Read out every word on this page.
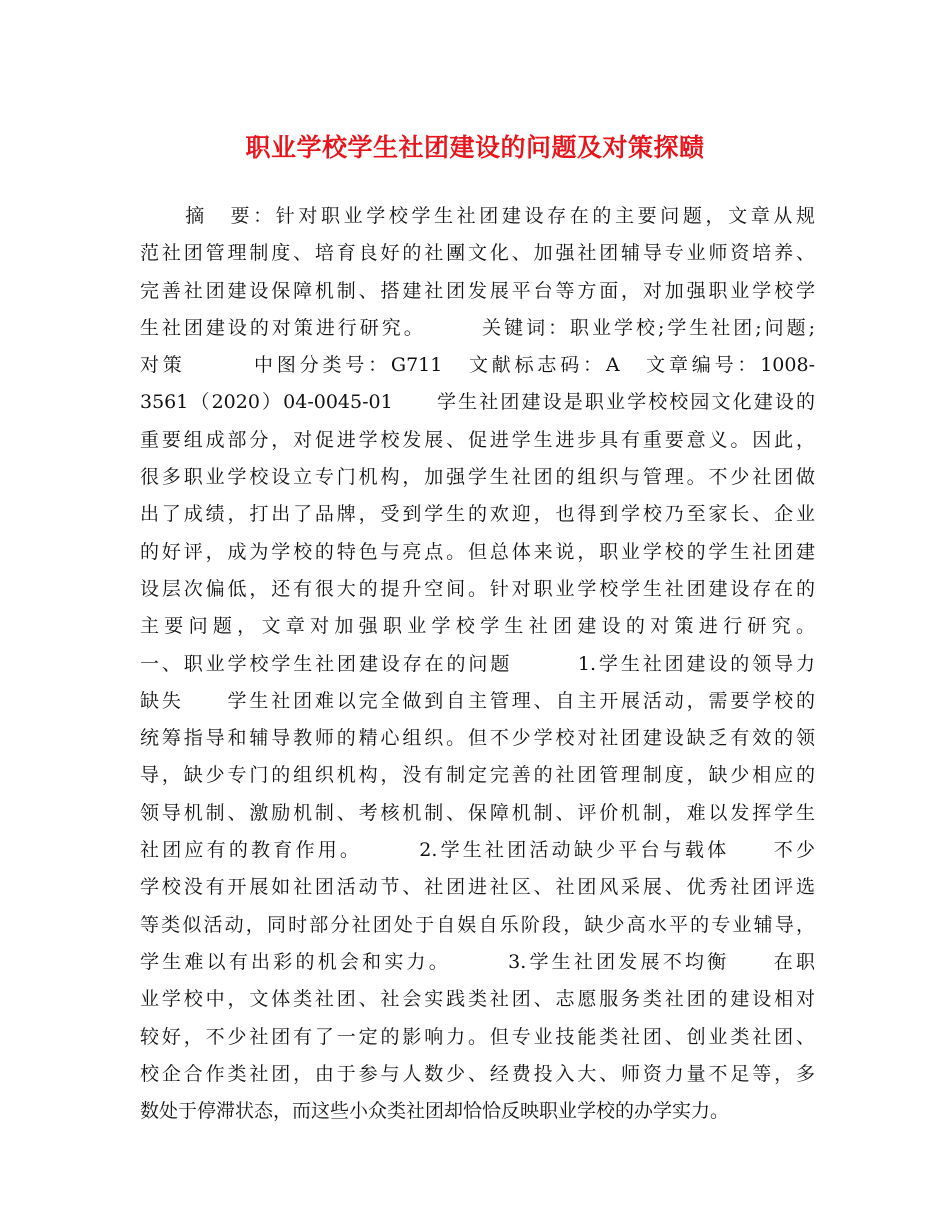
职业学校学生社团建设的问题及对策探赜
　　摘　要：针对职业学校学生社团建设存在的主要问题，文章从规
范社团管理制度、培育良好的社團文化、加强社团辅导专业师资培养、
完善社团建设保障机制、搭建社团发展平台等方面，对加强职业学校学
生社团建设的对策进行研究。　　　关键词：职业学校;学生社团;问题;
对策　　　中图分类号：G711　文献标志码：A　文章编号：1008-
3561（2020）04-0045-01　　学生社团建设是职业学校校园文化建设的
重要组成部分，对促进学校发展、促进学生进步具有重要意义。因此，
很多职业学校设立专门机构，加强学生社团的组织与管理。不少社团做
出了成绩，打出了品牌，受到学生的欢迎，也得到学校乃至家长、企业
的好评，成为学校的特色与亮点。但总体来说，职业学校的学生社团建
设层次偏低，还有很大的提升空间。针对职业学校学生社团建设存在的
主要问题，文章对加强职业学校学生社团建设的对策进行研究。
一、职业学校学生社团建设存在的问题　　　1.学生社团建设的领导力
缺失　　学生社团难以完全做到自主管理、自主开展活动，需要学校的
统筹指导和辅导教师的精心组织。但不少学校对社团建设缺乏有效的领
导，缺少专门的组织机构，没有制定完善的社团管理制度，缺少相应的
领导机制、激励机制、考核机制、保障机制、评价机制，难以发挥学生
社团应有的教育作用。　　　2.学生社团活动缺少平台与载体　　不少
学校没有开展如社团活动节、社团进社区、社团风采展、优秀社团评选
等类似活动，同时部分社团处于自娱自乐阶段，缺少高水平的专业辅导，
学生难以有出彩的机会和实力。　　　3.学生社团发展不均衡　　在职
业学校中，文体类社团、社会实践类社团、志愿服务类社团的建设相对
较好，不少社团有了一定的影响力。但专业技能类社团、创业类社团、
校企合作类社团，由于参与人数少、经费投入大、师资力量不足等，多
数处于停滞状态，而这些小众类社团却恰恰反映职业学校的办学实力。
